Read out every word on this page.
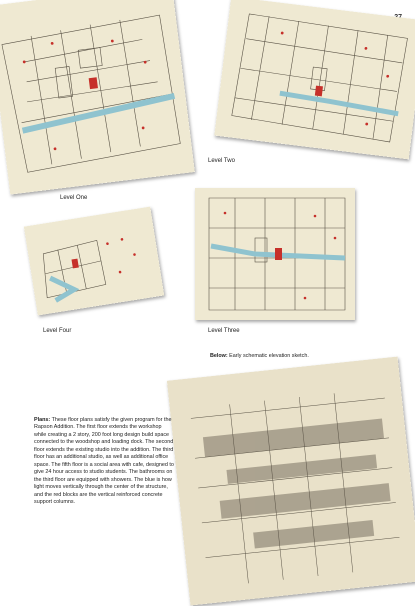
Level One
Level Two
Level Four	Level Three
Below: Early schematic elevation sketch.
Plans: These floor plans satisfy the given program for the Rapson Addition. The first floor extends the workshop while creating a 2 story, 200 foot long design build space connected to the woodshop and loading dock. The second floor extends the existing studio into the addition. The third floor has an additional studio, as well as additional office space. The fifth floor is a social area with cafe, designed to give 24 hour access to studio students. The bathrooms on the third floor are equipped with showers. The blue is how light moves vertically through the center of the structure, and the red blocks are the vertical reinforced concrete support columns.
